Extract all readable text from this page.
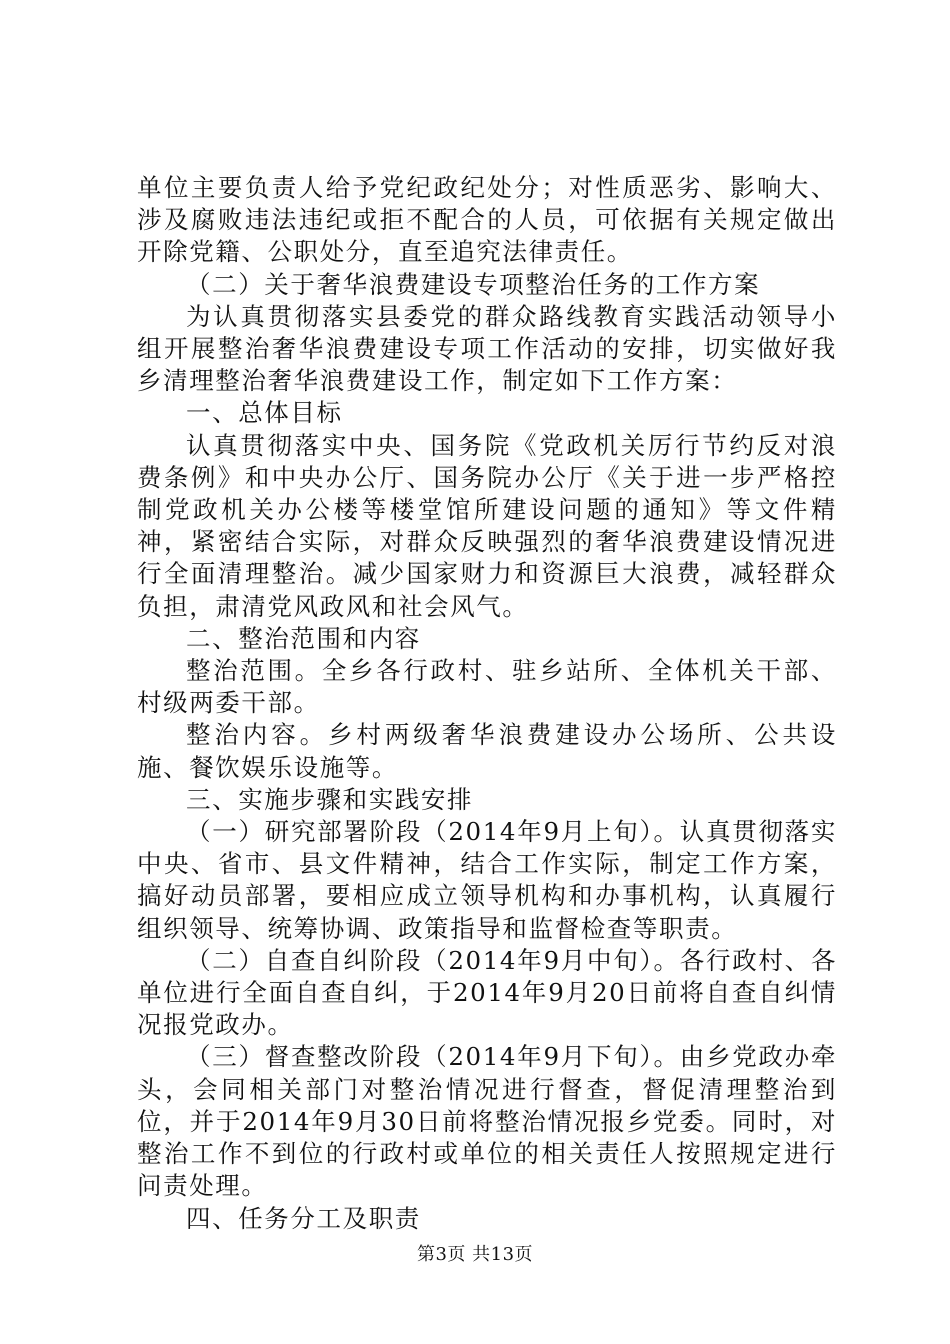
单位主要负责人给予党纪政纪处分；对性质恶劣、影响大、涉及腐败违法违纪或拒不配合的人员，可依据有关规定做出开除党籍、公职处分，直至追究法律责任。

（二）关于奢华浪费建设专项整治任务的工作方案

为认真贯彻落实县委党的群众路线教育实践活动领导小组开展整治奢华浪费建设专项工作活动的安排，切实做好我乡清理整治奢华浪费建设工作，制定如下工作方案：

一、总体目标

认真贯彻落实中央、国务院《党政机关厉行节约反对浪费条例》和中央办公厅、国务院办公厅《关于进一步严格控制党政机关办公楼等楼堂馆所建设问题的通知》等文件精神，紧密结合实际，对群众反映强烈的奢华浪费建设情况进行全面清理整治。减少国家财力和资源巨大浪费，减轻群众负担，肃清党风政风和社会风气。

二、整治范围和内容

整治范围。全乡各行政村、驻乡站所、全体机关干部、村级两委干部。

整治内容。乡村两级奢华浪费建设办公场所、公共设施、餐饮娱乐设施等。

三、实施步骤和实践安排

（一）研究部署阶段（2014年9月上旬）。认真贯彻落实中央、省市、县文件精神，结合工作实际，制定工作方案，搞好动员部署，要相应成立领导机构和办事机构，认真履行组织领导、统筹协调、政策指导和监督检查等职责。

（二）自查自纠阶段（2014年9月中旬）。各行政村、各单位进行全面自查自纠，于2014年9月20日前将自查自纠情况报党政办。

（三）督查整改阶段（2014年9月下旬）。由乡党政办牵头，会同相关部门对整治情况进行督查，督促清理整治到位，并于2014年9月30日前将整治情况报乡党委。同时，对整治工作不到位的行政村或单位的相关责任人按照规定进行问责处理。

四、任务分工及职责

第3页 共13页
